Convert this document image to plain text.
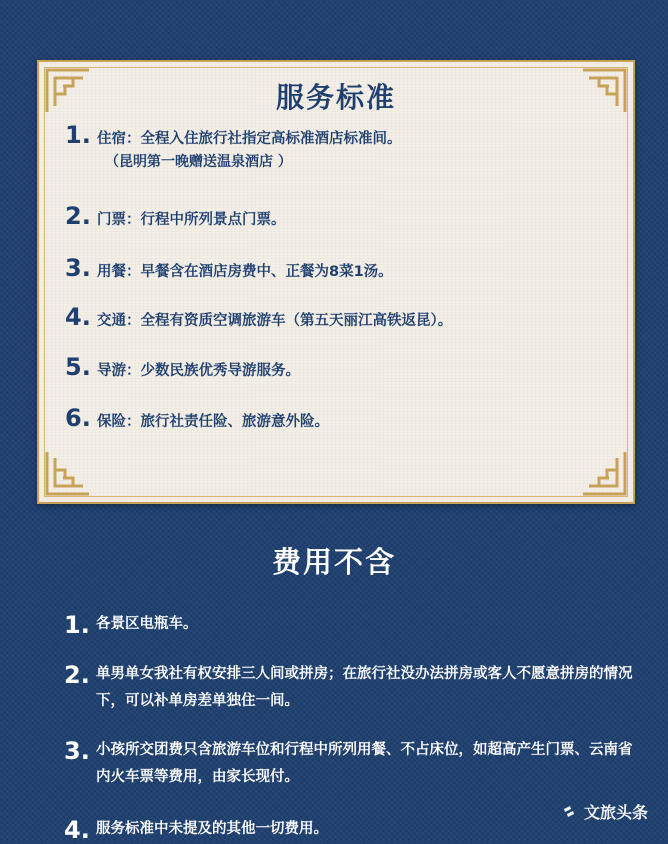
服务标准
1. 住宿：全程入住旅行社指定高标准酒店标准间。
（昆明第一晚赠送温泉酒店 ）
2. 门票：行程中所列景点门票。
3. 用餐：早餐含在酒店房费中、正餐为8菜1汤。
4. 交通：全程有资质空调旅游车（第五天丽江高铁返昆）。
5. 导游：少数民族优秀导游服务。
6. 保险：旅行社责任险、旅游意外险。
费用不含
1. 各景区电瓶车。
2. 单男单女我社有权安排三人间或拼房；在旅行社没办法拼房或客人不愿意拼房的情况下，可以补单房差单独住一间。
3. 小孩所交团费只含旅游车位和行程中所列用餐、不占床位，如超高产生门票、云南省内火车票等费用，由家长现付。
4. 服务标准中未提及的其他一切费用。
文旅头条
